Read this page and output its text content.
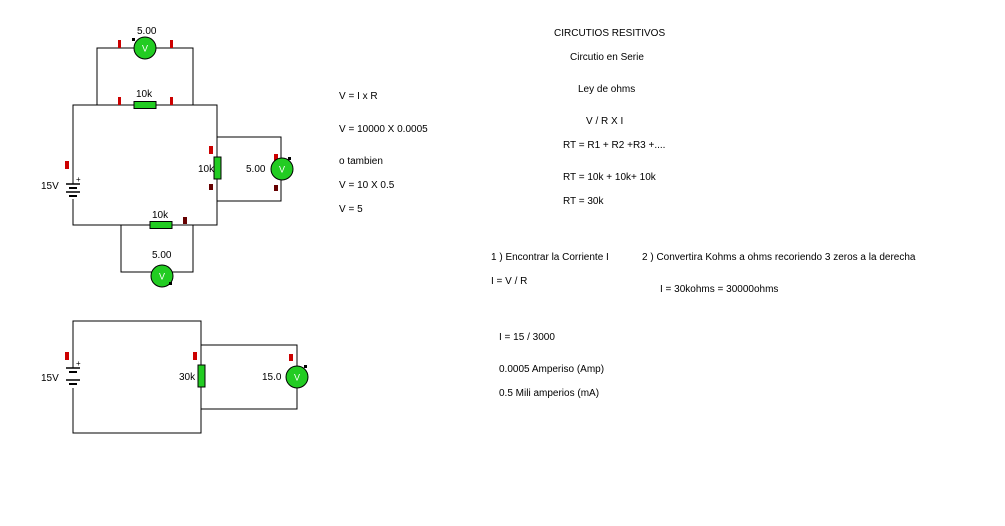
+
15V
10k
V
5.00
10k	V
5.00
10k
V
5.00
+
15V	30k	V
15.0
V = I x R
V = 10000 X 0.0005
o tambien
V = 10 X 0.5
V = 5
CIRCUTIOS RESITIVOS
Circutio en Serie
Ley de ohms
V / R X I
RT = R1 + R2 +R3 +....
RT = 10k + 10k+ 10k
RT = 30k
1 ) Encontrar la Corriente I	2 ) Convertira Kohms a ohms recoriendo 3 zeros a la derecha
I = V / R
I = 30kohms = 30000ohms
I = 15 / 3000
0.0005 Amperiso (Amp)
0.5 Mili amperios (mA)
